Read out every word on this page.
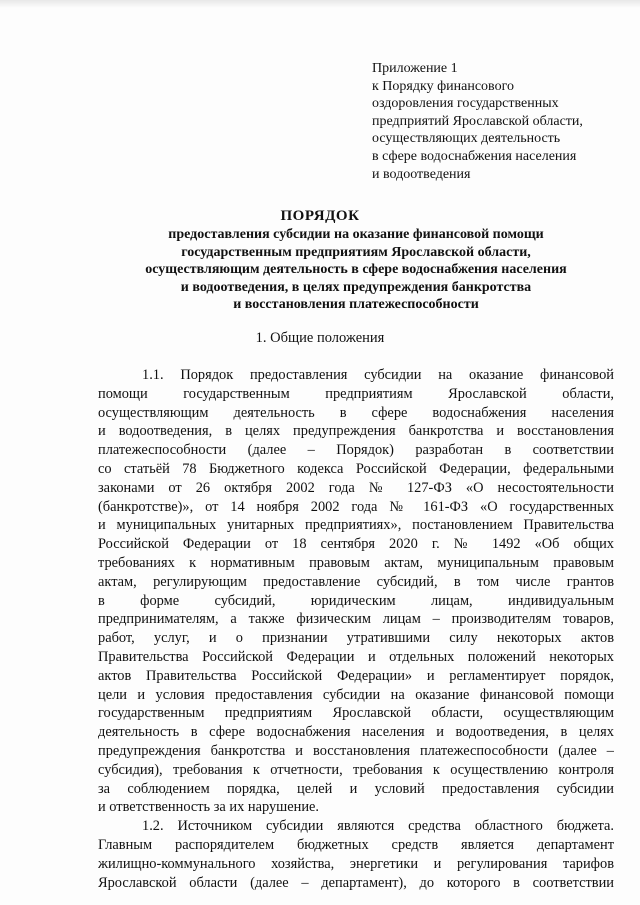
Приложение 1
к Порядку финансового
оздоровления государственных
предприятий Ярославской области,
осуществляющих деятельность
в сфере водоснабжения населения
и водоотведения
ПОРЯДОК
предоставления субсидии на оказание финансовой помощи
государственным предприятиям Ярославской области,
осуществляющим деятельность в сфере водоснабжения населения
и водоотведения, в целях предупреждения банкротства
и восстановления платежеспособности
1. Общие положения
1.1. Порядок предоставления субсидии на оказание финансовой
помощи государственным предприятиям Ярославской области,
осуществляющим деятельность в сфере водоснабжения населения
и водоотведения, в целях предупреждения банкротства и восстановления
платежеспособности (далее – Порядок) разработан в соответствии
со статьёй 78 Бюджетного кодекса Российской Федерации, федеральными
законами от 26 октября 2002 года № 127-ФЗ «О несостоятельности
(банкротстве)», от 14 ноября 2002 года № 161-ФЗ «О государственных
и муниципальных унитарных предприятиях», постановлением Правительства
Российской Федерации от 18 сентября 2020 г. № 1492 «Об общих
требованиях к нормативным правовым актам, муниципальным правовым
актам, регулирующим предоставление субсидий, в том числе грантов
в форме субсидий, юридическим лицам, индивидуальным
предпринимателям, а также физическим лицам – производителям товаров,
работ, услуг, и о признании утратившими силу некоторых актов
Правительства Российской Федерации и отдельных положений некоторых
актов Правительства Российской Федерации» и регламентирует порядок,
цели и условия предоставления субсидии на оказание финансовой помощи
государственным предприятиям Ярославской области, осуществляющим
деятельность в сфере водоснабжения населения и водоотведения, в целях
предупреждения банкротства и восстановления платежеспособности (далее –
субсидия), требования к отчетности, требования к осуществлению контроля
за соблюдением порядка, целей и условий предоставления субсидии
и ответственность за их нарушение.
1.2. Источником субсидии являются средства областного бюджета.
Главным распорядителем бюджетных средств является департамент
жилищно-коммунального хозяйства, энергетики и регулирования тарифов
Ярославской области (далее – департамент), до которого в соответствии
